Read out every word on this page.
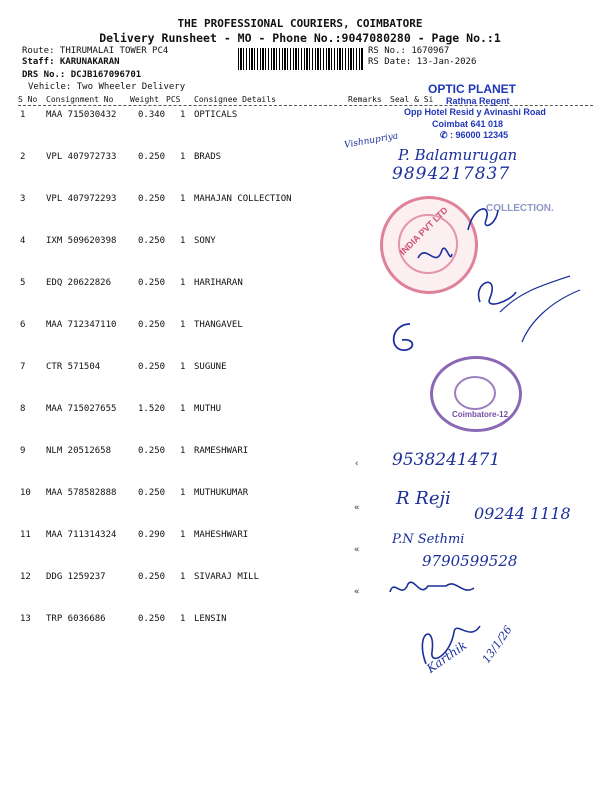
THE PROFESSIONAL COURIERS, COIMBATORE
Delivery Runsheet - MO - Phone No.:9047080280 - Page No.:1
Route: THIRUMALAI TOWER PC4
Staff: KARUNAKARAN
DRS No.: DCJB167096701
Vehicle: Two Wheeler Delivery
RS No.: 1670967
RS Date: 13-Jan-2026
S No Consignment No Weight PCS Consignee Details	Remarks Seal & Si
1 MAA 715030432 0.340 1 OPTICALS
2 VPL 407972733 0.250 1 BRADS
3 VPL 407972293 0.250 1 MAHAJAN COLLECTION
4 IXM 509620398 0.250 1 SONY
5 EDQ 20622826	0.250 1 HARIHARAN
6 MAA 712347110 0.250 1 THANGAVEL
7 CTR 571504	0.250 1 SUGUNE
8 MAA 715027655 1.520 1 MUTHU
9 NLM 20512658	0.250 1 RAMESHWARI
10 MAA 578582888 0.250 1 MUTHUKUMAR
11 MAA 711314324 0.290 1 MAHESHWARI
12 DDG 1259237	0.250 1 SIVARAJ MILL
13 TRP 6036686	0.250 1 LENSIN
‹
«
«
«
OPTIC PLANET
Rathna Regent
Opp Hotel Resid y Avinashi Road
Coimbat 641 018
✆ : 96000 12345
Vishnupriya
P. Balamurugan
9894217837
INDIA PVT LTD	COLLECTION.
Coimbatore-12
9538241471
R Reji
09244 1118
P.N Sethmi
9790599528
Karthik 13/1/26
